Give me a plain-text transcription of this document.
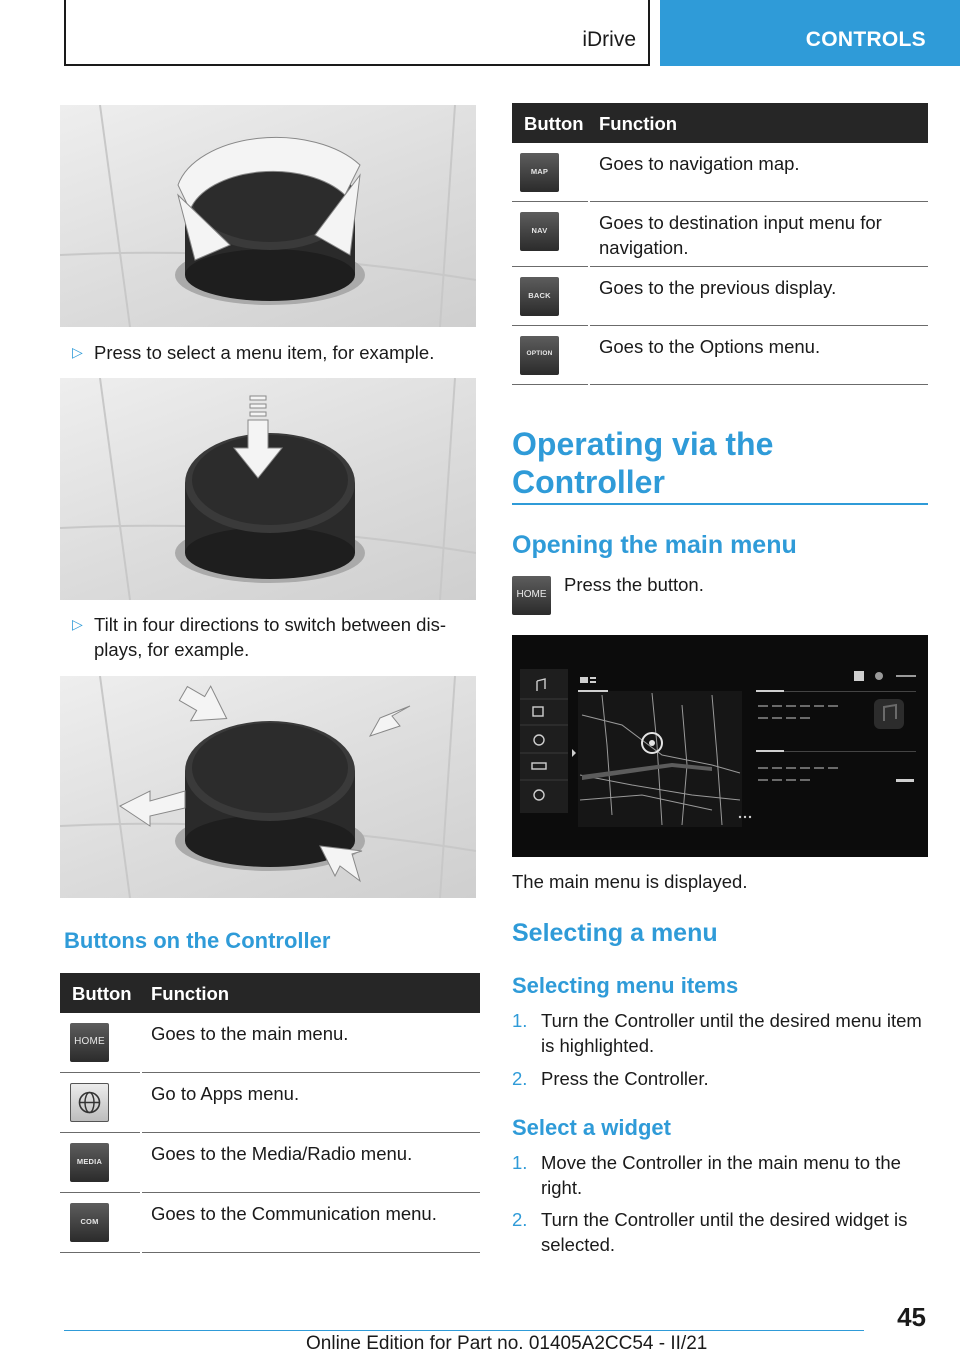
iDrive	CONTROLS
▷ Press to select a menu item, for example.
▷ Tilt in four directions to switch between dis-plays, for example.
Buttons on the Controller
Button Function
HOME Goes to the main menu.
Go to Apps menu.
MEDIA	Goes to the Media/Radio menu.
COM	Goes to the Communication menu.
Button Function
MAP	Goes to navigation map.
NAV	Goes to destination input menu for navigation.
BACK	Goes to the previous display.
OPTION	Goes to the Options menu.
Operating via the Controller
Opening the main menu
HOME Press the button.
The main menu is displayed.
Selecting a menu
Selecting menu items
1. Turn the Controller until the desired menu item is highlighted.
2. Press the Controller.
Select a widget
1. Move the Controller in the main menu to the right.
2. Turn the Controller until the desired widget is selected.
45
Online Edition for Part no. 01405A2CC54 - II/21
